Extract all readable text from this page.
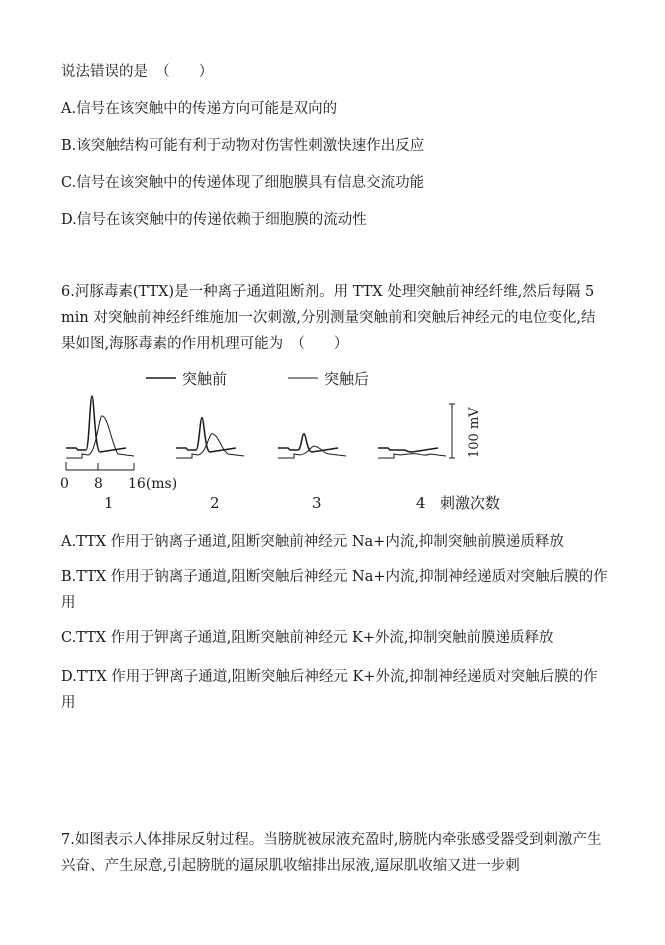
说法错误的是　（　　）
A.信号在该突触中的传递方向可能是双向的
B.该突触结构可能有利于动物对伤害性刺激快速作出反应
C.信号在该突触中的传递体现了细胞膜具有信息交流功能
D.信号在该突触中的传递依赖于细胞膜的流动性
6.河豚毒素(TTX)是一种离子通道阻断剂。用 TTX 处理突触前神经纤维,然后每隔 5 min 对突触前神经纤维施加一次刺激,分别测量突触前和突触后神经元的电位变化,结果如图,海豚毒素的作用机理可能为　（　　）
突触前	突触后
100 mV
0 8 16(ms)
1	2	3	4 刺激次数
A.TTX 作用于钠离子通道,阻断突触前神经元 Na+内流,抑制突触前膜递质释放
B.TTX 作用于钠离子通道,阻断突触后神经元 Na+内流,抑制神经递质对突触后膜的作用
C.TTX 作用于钾离子通道,阻断突触前神经元 K+外流,抑制突触前膜递质释放
D.TTX 作用于钾离子通道,阻断突触后神经元 K+外流,抑制神经递质对突触后膜的作用
7.如图表示人体排尿反射过程。当膀胱被尿液充盈时,膀胱内牵张感受器受到刺激产生兴奋、产生尿意,引起膀胱的逼尿肌收缩排出尿液,逼尿肌收缩又进一步刺
